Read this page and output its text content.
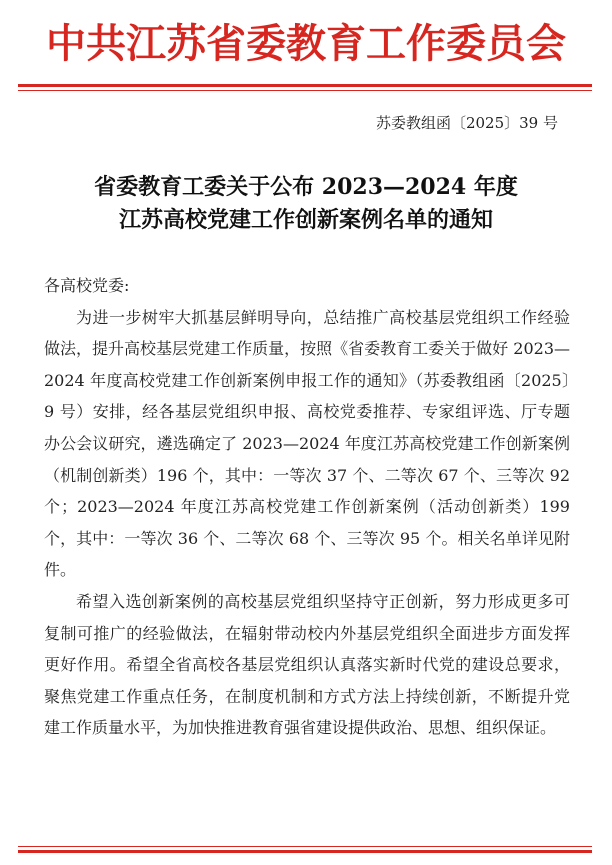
中共江苏省委教育工作委员会
苏委教组函〔2025〕39 号
省委教育工委关于公布 2023—2024 年度
江苏高校党建工作创新案例名单的通知

各高校党委:

为进一步树牢大抓基层鲜明导向，总结推广高校基层党组织工作经验做法，提升高校基层党建工作质量，按照《省委教育工委关于做好 2023—2024 年度高校党建工作创新案例申报工作的通知》（苏委教组函〔2025〕9 号）安排，经各基层党组织申报、高校党委推荐、专家组评选、厅专题办公会议研究，遴选确定了 2023—2024 年度江苏高校党建工作创新案例（机制创新类）196 个，其中：一等次 37 个、二等次 67 个、三等次 92 个；2023—2024 年度江苏高校党建工作创新案例（活动创新类）199 个，其中：一等次 36 个、二等次 68 个、三等次 95 个。相关名单详见附件。

希望入选创新案例的高校基层党组织坚持守正创新，努力形成更多可复制可推广的经验做法，在辐射带动校内外基层党组织全面进步方面发挥更好作用。希望全省高校各基层党组织认真落实新时代党的建设总要求，聚焦党建工作重点任务，在制度机制和方式方法上持续创新，不断提升党建工作质量水平，为加快推进教育强省建设提供政治、思想、组织保证。
